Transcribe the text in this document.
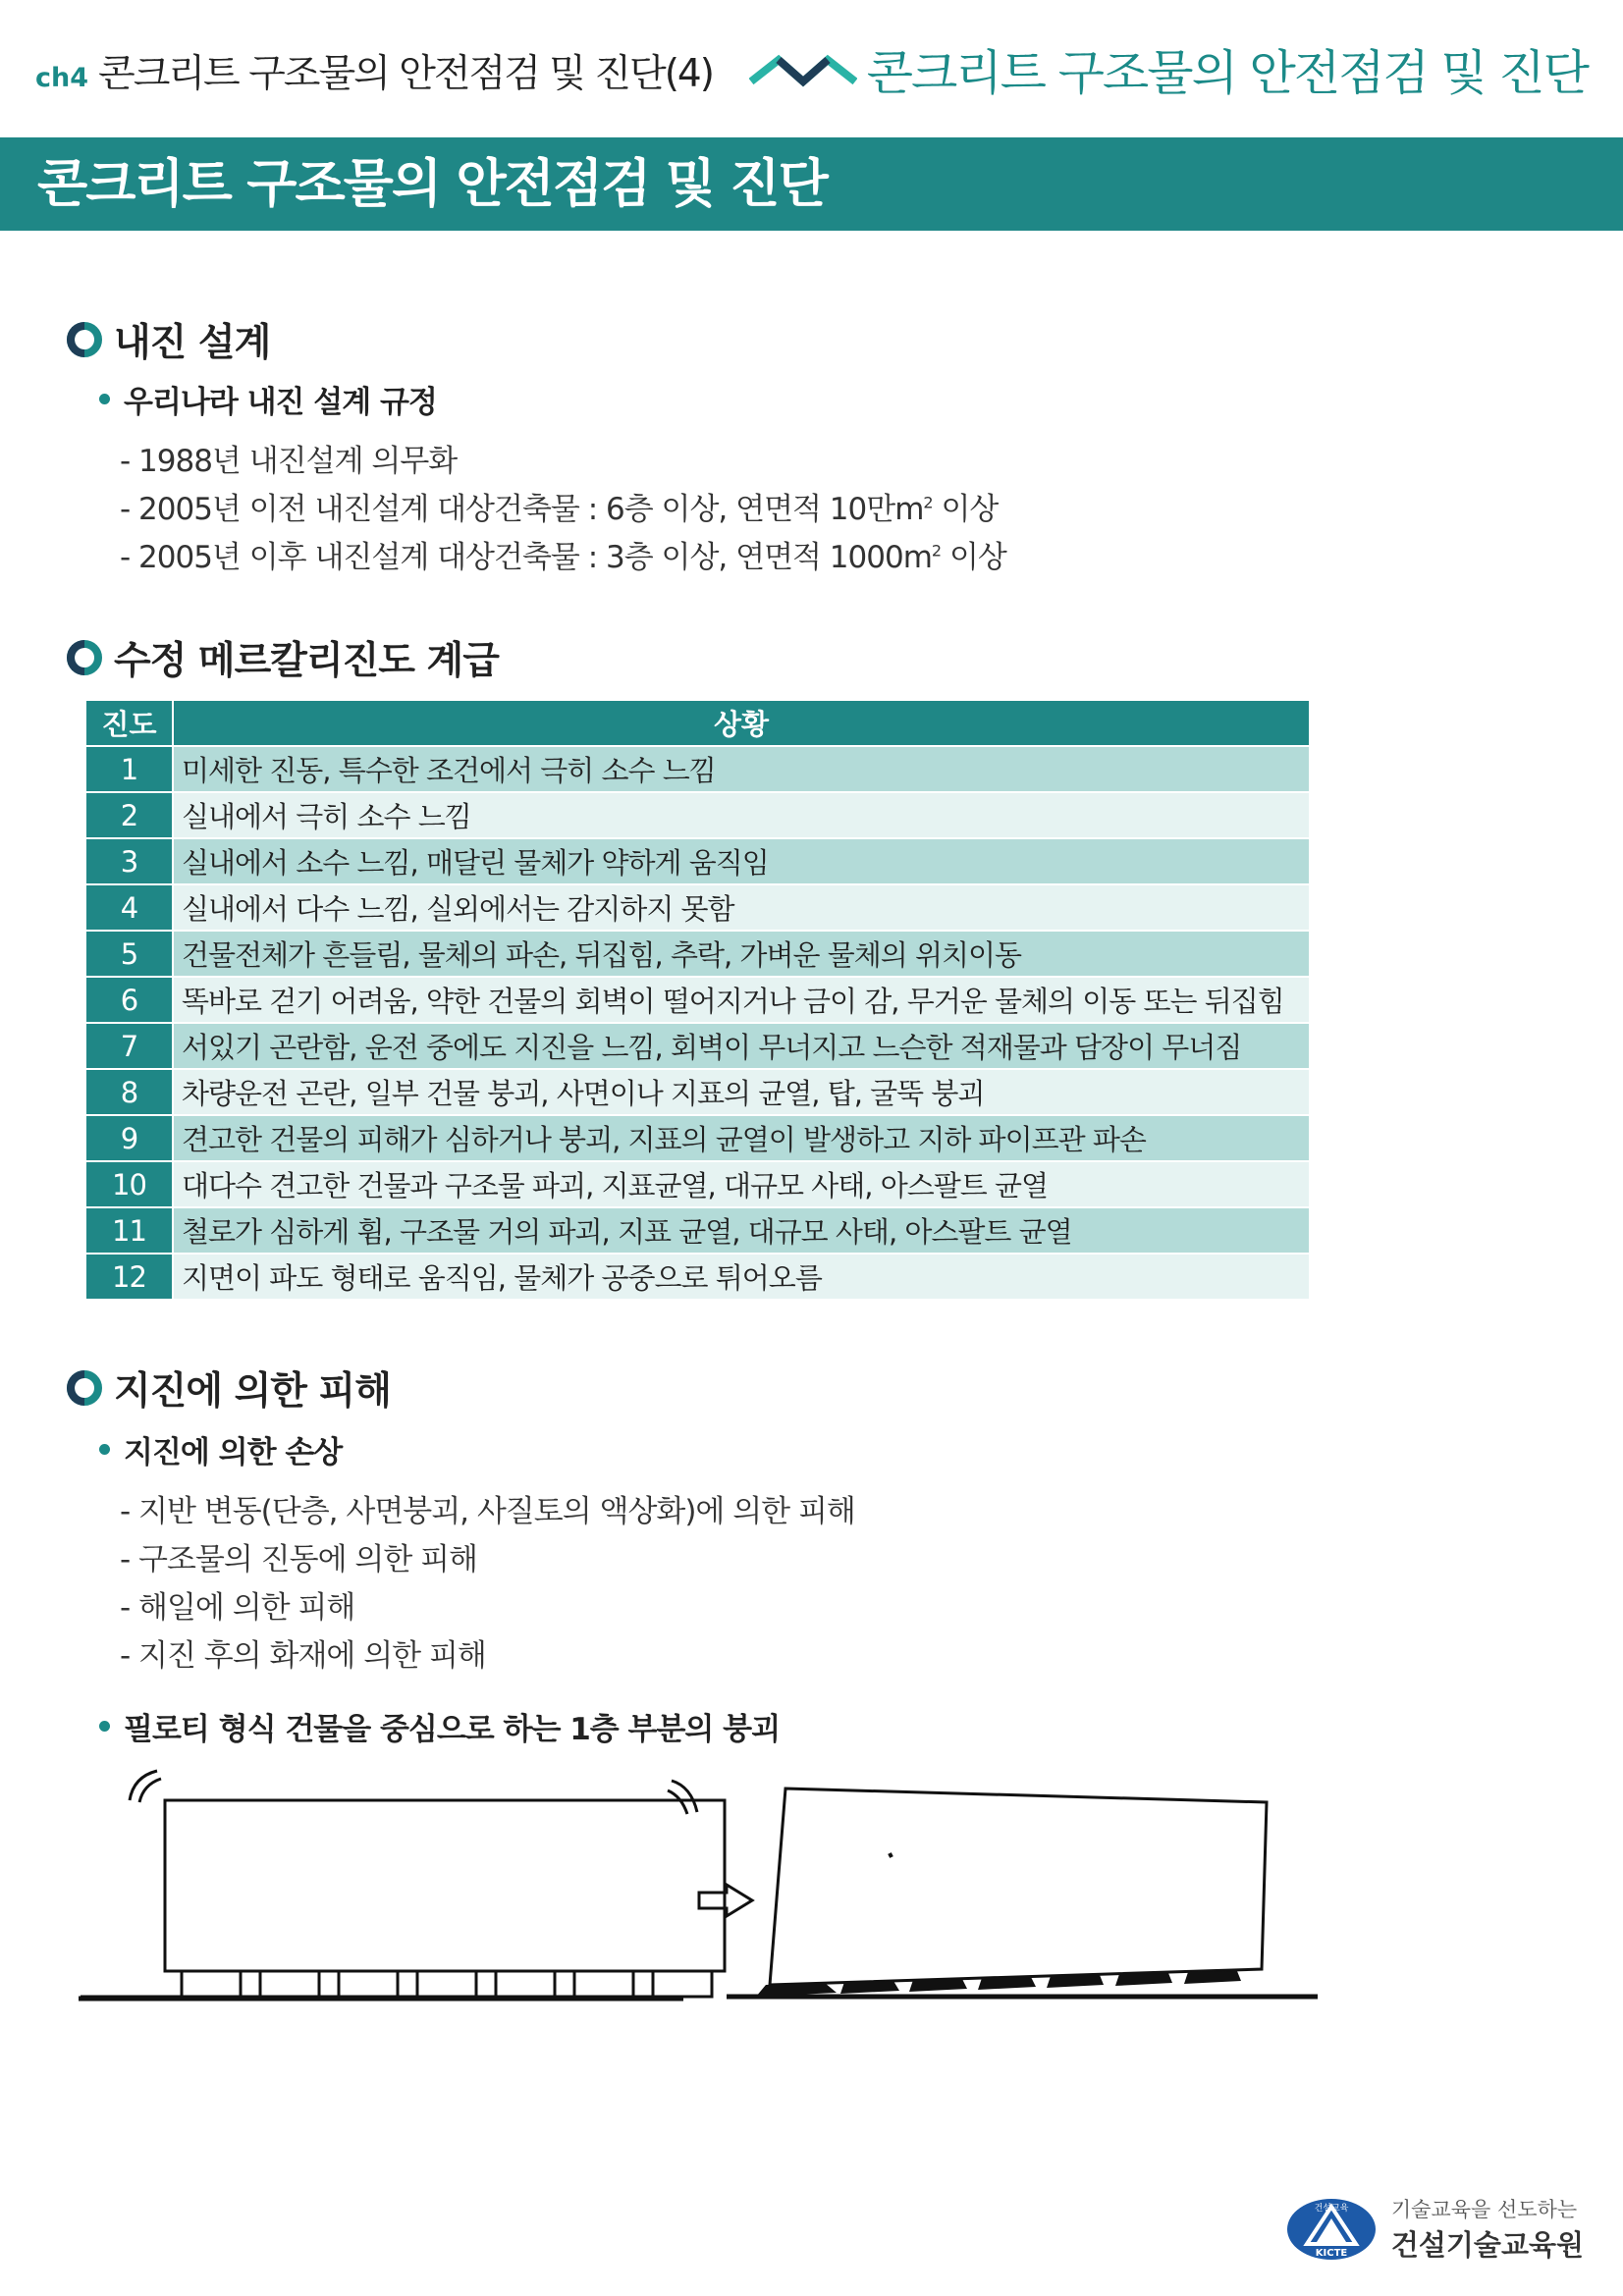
ch4 콘크리트 구조물의 안전점검 및 진단(4)	콘크리트 구조물의 안전점검 및 진단
콘크리트 구조물의 안전점검 및 진단
내진 설계
우리나라 내진 설계 규정
- 1988년 내진설계 의무화
- 2005년 이전 내진설계 대상건축물 : 6층 이상, 연면적 10만$m^2$ 이상
- 2005년 이후 내진설계 대상건축물 : 3층 이상, 연면적 $1000m^2$ 이상
수정 메르칼리진도 계급
진도	상황
1	미세한 진동, 특수한 조건에서 극히 소수 느낌
2	실내에서 극히 소수 느낌
3	실내에서 소수 느낌, 매달린 물체가 약하게 움직임
4	실내에서 다수 느낌, 실외에서는 감지하지 못함
5	건물전체가 흔들림, 물체의 파손, 뒤집힘, 추락, 가벼운 물체의 위치이동
6	똑바로 걷기 어려움, 약한 건물의 회벽이 떨어지거나 금이 감, 무거운 물체의 이동 또는 뒤집힘
7	서있기 곤란함, 운전 중에도 지진을 느낌, 회벽이 무너지고 느슨한 적재물과 담장이 무너짐
8	차량운전 곤란, 일부 건물 붕괴, 사면이나 지표의 균열, 탑, 굴뚝 붕괴
9	견고한 건물의 피해가 심하거나 붕괴, 지표의 균열이 발생하고 지하 파이프관 파손
10	대다수 견고한 건물과 구조물 파괴, 지표균열, 대규모 사태, 아스팔트 균열
11	철로가 심하게 휨, 구조물 거의 파괴, 지표 균열, 대규모 사태, 아스팔트 균열
12	지면이 파도 형태로 움직임, 물체가 공중으로 튀어오름
지진에 의한 피해
지진에 의한 손상
- 지반 변동(단층, 사면붕괴, 사질토의 액상화)에 의한 피해
- 구조물의 진동에 의한 피해
- 해일에 의한 피해
- 지진 후의 화재에 의한 피해
필로티 형식 건물을 중심으로 하는 1층 부분의 붕괴
건설교육
KICTE
기술교육을 선도하는
건설기술교육원
